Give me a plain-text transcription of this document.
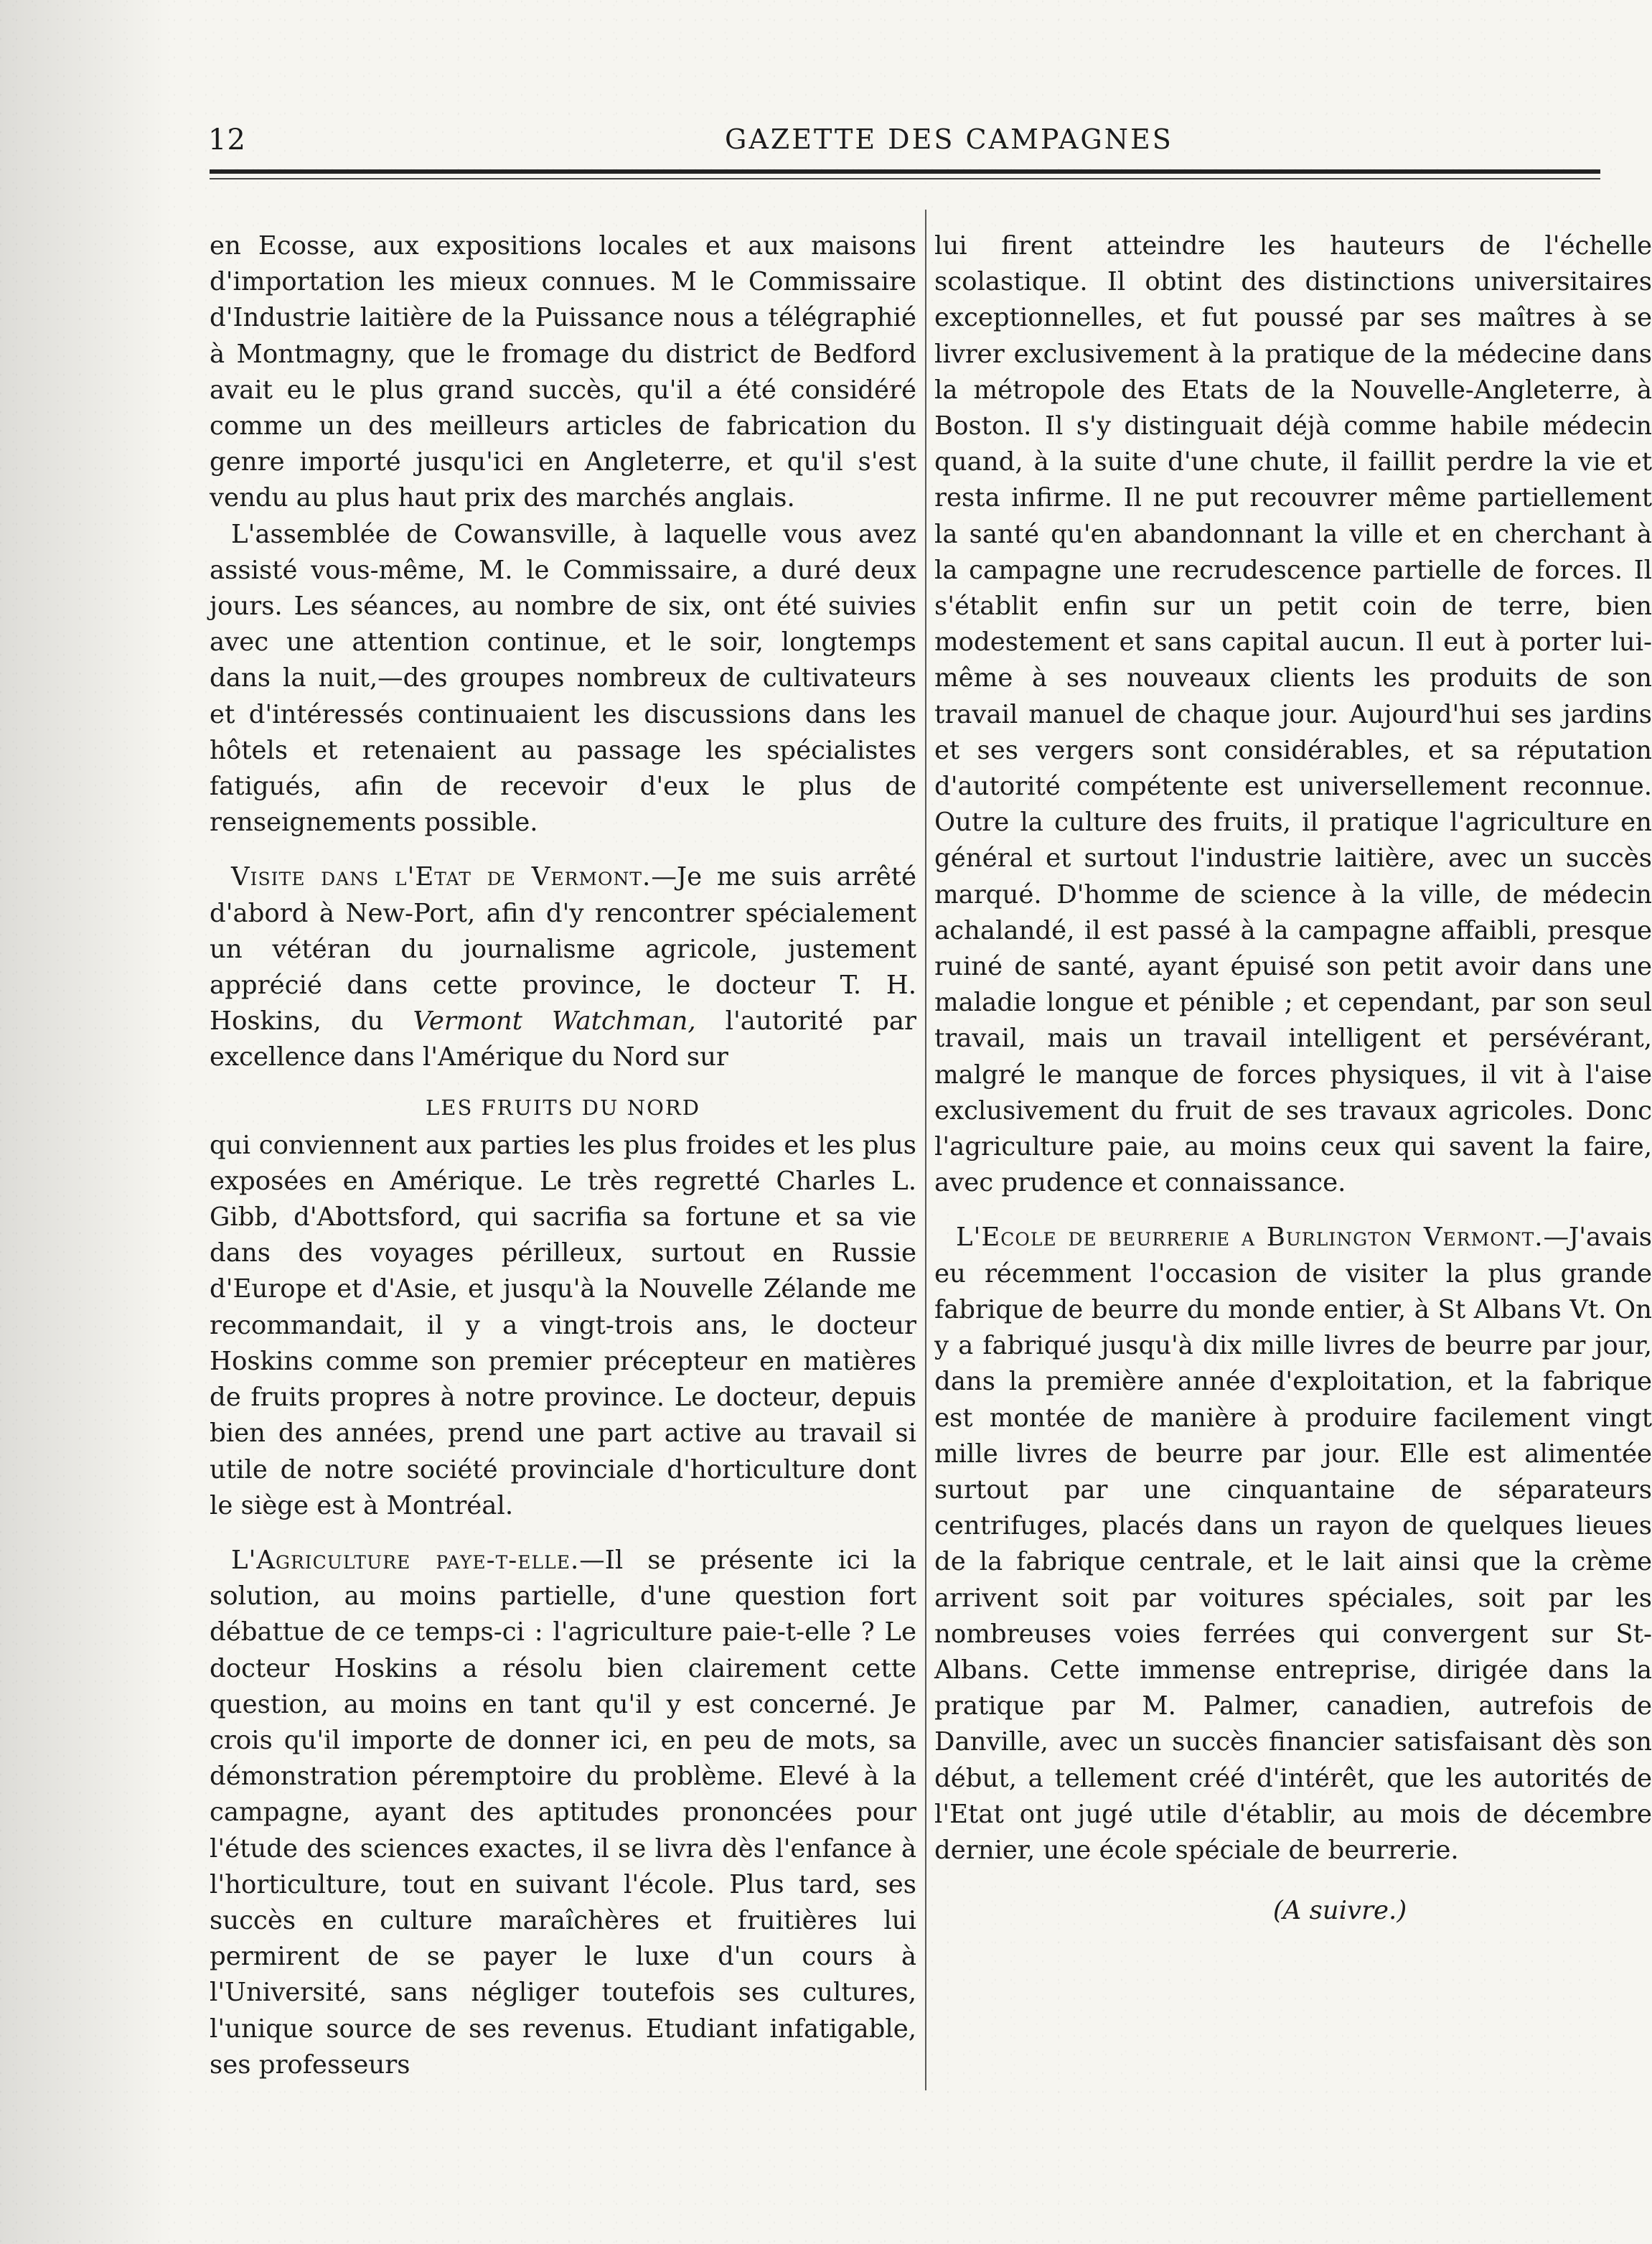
12	GAZETTE DES CAMPAGNES

en Ecosse, aux expositions locales et aux maisons d'importation les mieux connues. M le Commissaire d'Industrie laitière de la Puissance nous a télégraphié à Montmagny, que le fromage du district de Bedford avait eu le plus grand succès, qu'il a été considéré comme un des meilleurs articles de fabrication du genre importé jusqu'ici en Angleterre, et qu'il s'est vendu au plus haut prix des marchés anglais.

L'assemblée de Cowansville, à laquelle vous avez assisté vous-même, M. le Commissaire, a duré deux jours. Les séances, au nombre de six, ont été suivies avec une attention continue, et le soir, longtemps dans la nuit,—des groupes nombreux de cultivateurs et d'intéressés continuaient les discussions dans les hôtels et retenaient au passage les spécialistes fatigués, afin de recevoir d'eux le plus de renseignements possible.

Visite dans l'Etat de Vermont.—Je me suis arrêté d'abord à New-Port, afin d'y rencontrer spécialement un vétéran du journalisme agricole, justement apprécié dans cette province, le docteur T. H. Hoskins, du Vermont Watchman, l'autorité par excellence dans l'Amérique du Nord sur

LES FRUITS DU NORD

qui conviennent aux parties les plus froides et les plus exposées en Amérique. Le très regretté Charles L. Gibb, d'Abottsford, qui sacrifia sa fortune et sa vie dans des voyages périlleux, surtout en Russie d'Europe et d'Asie, et jusqu'à la Nouvelle Zélande me recommandait, il y a vingt-trois ans, le docteur Hoskins comme son premier précepteur en matières de fruits propres à notre province. Le docteur, depuis bien des années, prend une part active au travail si utile de notre société provinciale d'horticulture dont le siège est à Montréal.

L'Agriculture paye-t-elle.—Il se présente ici la solution, au moins partielle, d'une question fort débattue de ce temps-ci : l'agriculture paie-t-elle ? Le docteur Hoskins a résolu bien clairement cette question, au moins en tant qu'il y est concerné. Je crois qu'il importe de donner ici, en peu de mots, sa démonstration péremptoire du problème. Elevé à la campagne, ayant des aptitudes prononcées pour l'étude des sciences exactes, il se livra dès l'enfance à l'horticulture, tout en suivant l'école. Plus tard, ses succès en culture maraîchères et fruitières lui permirent de se payer le luxe d'un cours à l'Université, sans négliger toutefois ses cultures, l'unique source de ses revenus. Etudiant infatigable, ses professeurs

lui firent atteindre les hauteurs de l'échelle scolastique. Il obtint des distinctions universitaires exceptionnelles, et fut poussé par ses maîtres à se livrer exclusivement à la pratique de la médecine dans la métropole des Etats de la Nouvelle-Angleterre, à Boston. Il s'y distinguait déjà comme habile médecin quand, à la suite d'une chute, il faillit perdre la vie et resta infirme. Il ne put recouvrer même partiellement la santé qu'en abandonnant la ville et en cherchant à la campagne une recrudescence partielle de forces. Il s'établit enfin sur un petit coin de terre, bien modestement et sans capital aucun. Il eut à porter lui-même à ses nouveaux clients les produits de son travail manuel de chaque jour. Aujourd'hui ses jardins et ses vergers sont considérables, et sa réputation d'autorité compétente est universellement reconnue. Outre la culture des fruits, il pratique l'agriculture en général et surtout l'industrie laitière, avec un succès marqué. D'homme de science à la ville, de médecin achalandé, il est passé à la campagne affaibli, presque ruiné de santé, ayant épuisé son petit avoir dans une maladie longue et pénible ; et cependant, par son seul travail, mais un travail intelligent et persévérant, malgré le manque de forces physiques, il vit à l'aise exclusivement du fruit de ses travaux agricoles. Donc l'agriculture paie, au moins ceux qui savent la faire, avec prudence et connaissance.

L'Ecole de beurrerie a Burlington Vermont.—J'avais eu récemment l'occasion de visiter la plus grande fabrique de beurre du monde entier, à St Albans Vt. On y a fabriqué jusqu'à dix mille livres de beurre par jour, dans la première année d'exploitation, et la fabrique est montée de manière à produire facilement vingt mille livres de beurre par jour. Elle est alimentée surtout par une cinquantaine de séparateurs centrifuges, placés dans un rayon de quelques lieues de la fabrique centrale, et le lait ainsi que la crème arrivent soit par voitures spéciales, soit par les nombreuses voies ferrées qui convergent sur St-Albans. Cette immense entreprise, dirigée dans la pratique par M. Palmer, canadien, autrefois de Danville, avec un succès financier satisfaisant dès son début, a tellement créé d'intérêt, que les autorités de l'Etat ont jugé utile d'établir, au mois de décembre dernier, une école spéciale de beurrerie.

(A suivre.)
